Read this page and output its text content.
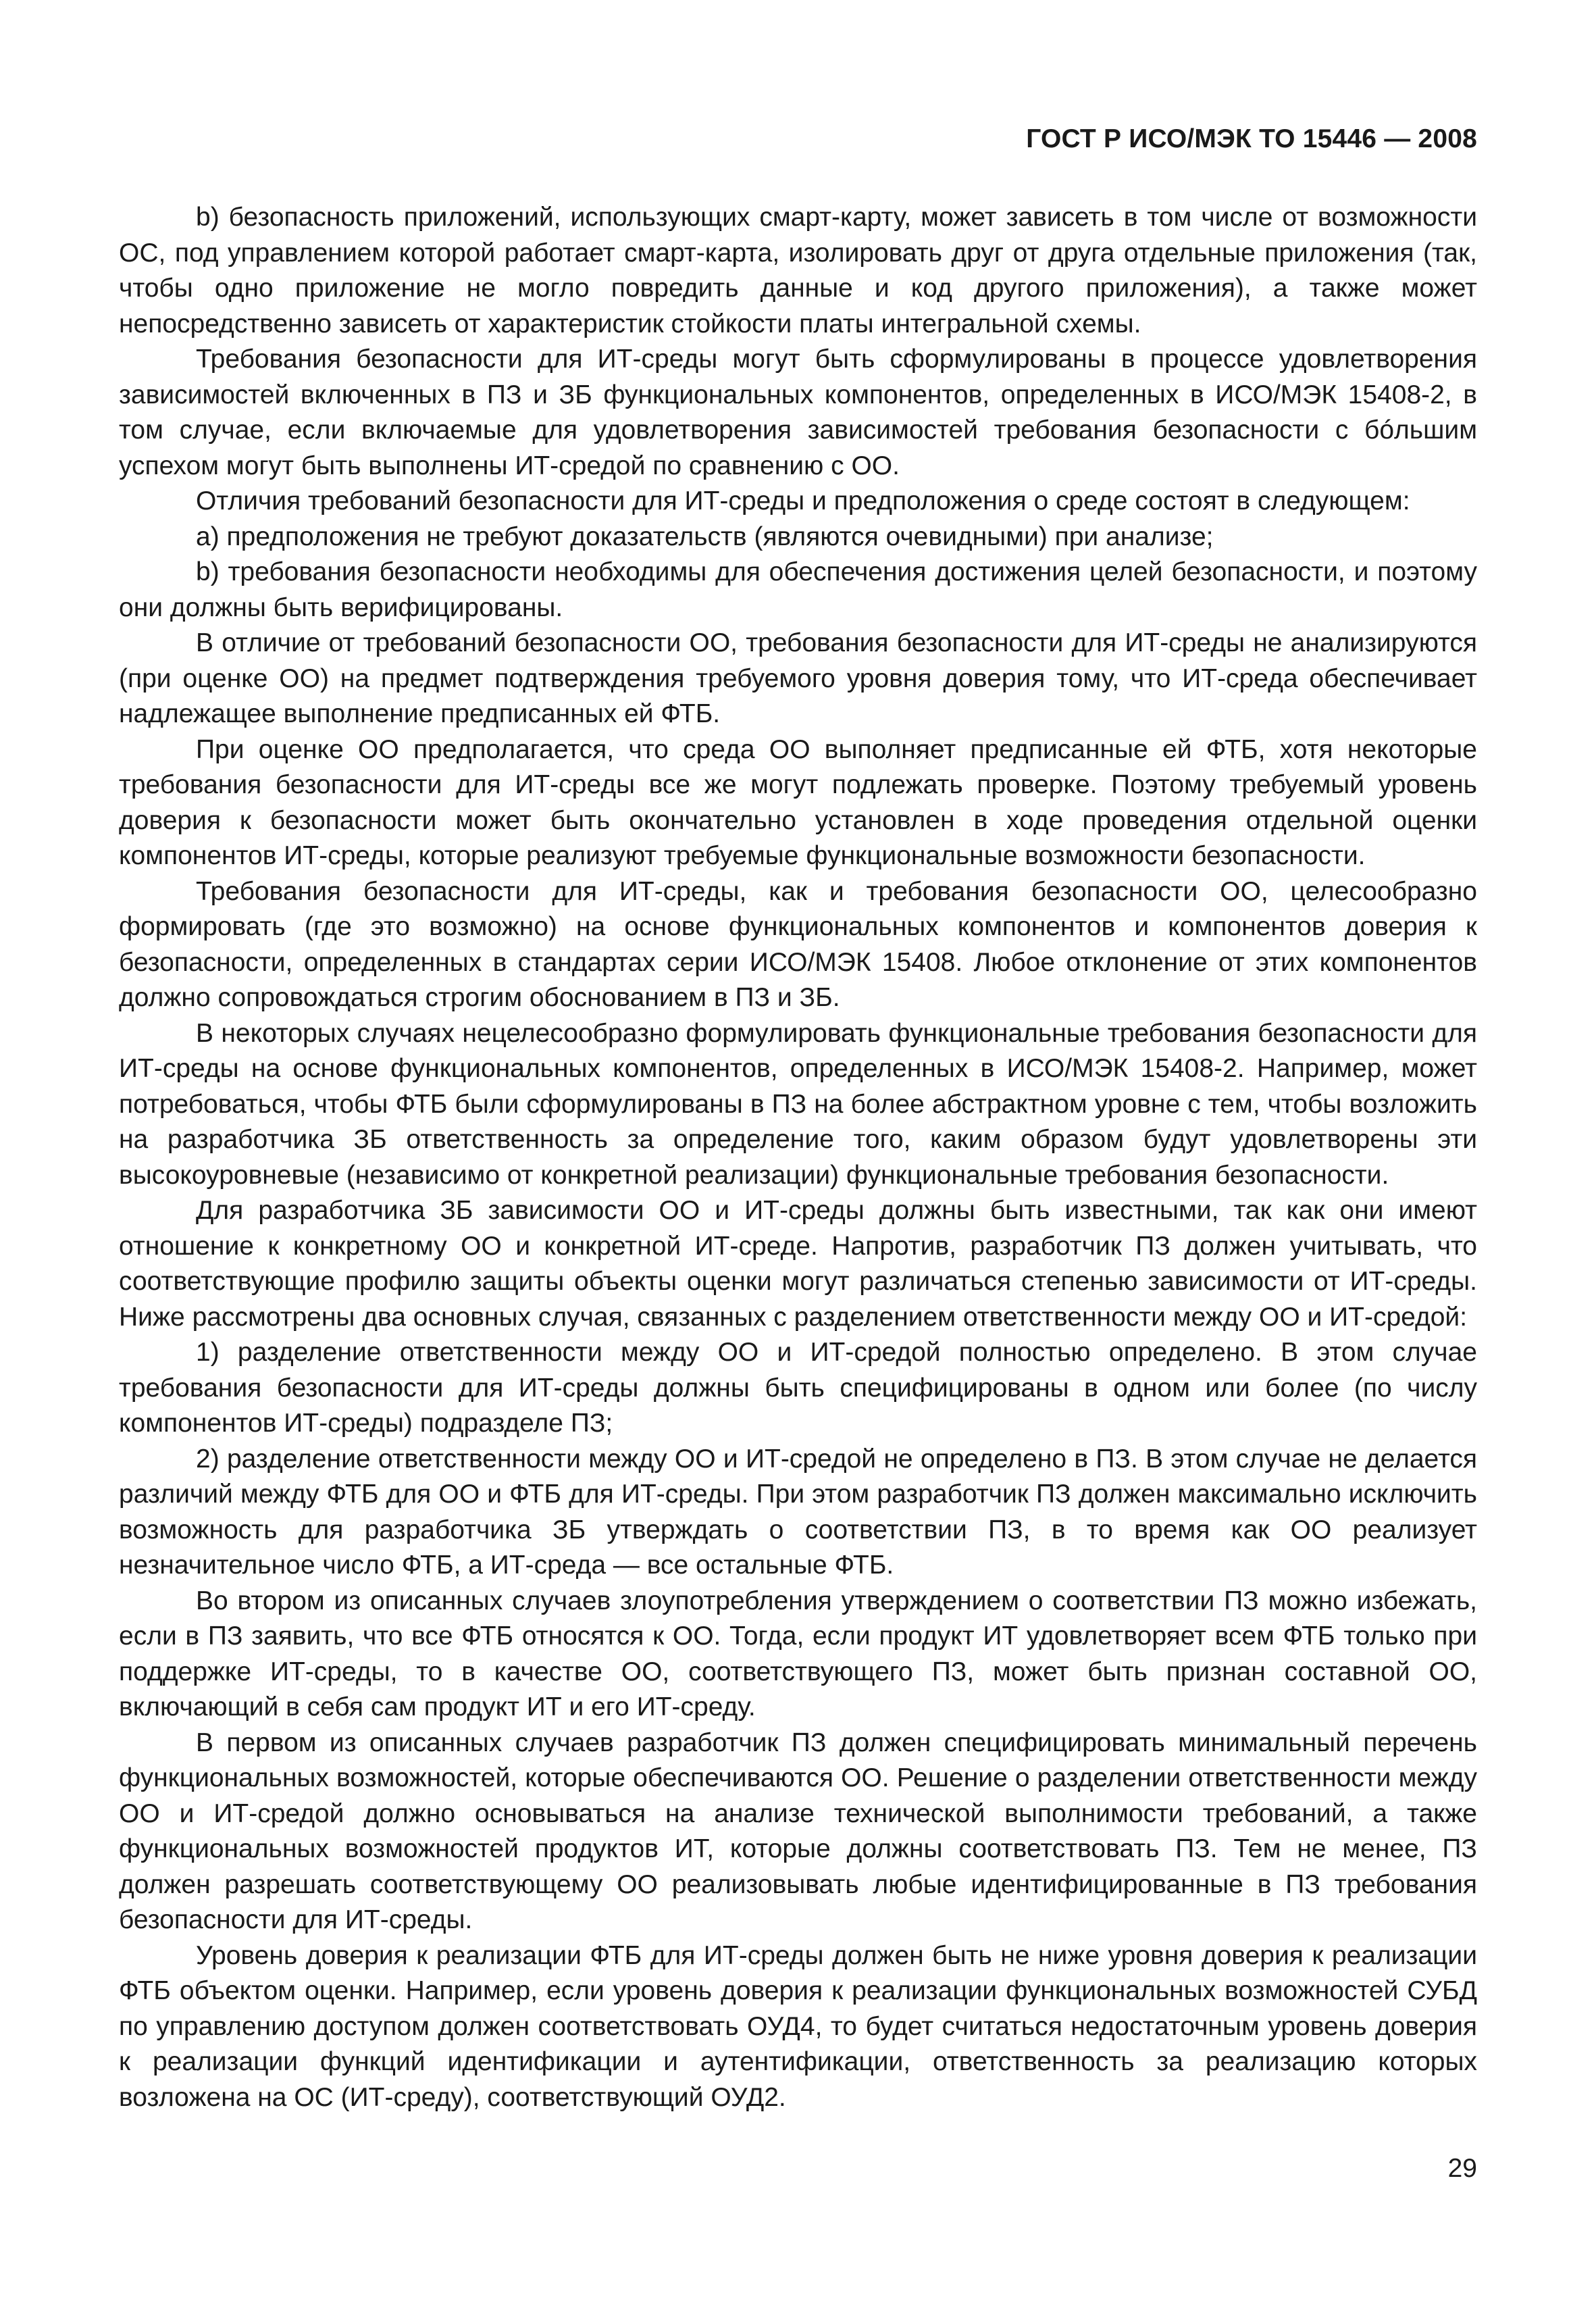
ГОСТ Р ИСО/МЭК ТО 15446 — 2008

b) безопасность приложений, использующих смарт-карту, может зависеть в том числе от возможности ОС, под управлением которой работает смарт-карта, изолировать друг от друга отдельные приложения (так, чтобы одно приложение не могло повредить данные и код другого приложения), а также может непосредственно зависеть от характеристик стойкости платы интегральной схемы.

Требования безопасности для ИТ-среды могут быть сформулированы в процессе удовлетворения зависимостей включенных в ПЗ и ЗБ функциональных компонентов, определенных в ИСО/МЭК 15408-2, в том случае, если включаемые для удовлетворения зависимостей требования безопасности с бóльшим успехом могут быть выполнены ИТ-средой по сравнению с ОО.

Отличия требований безопасности для ИТ-среды и предположения о среде состоят в следующем:

а) предположения не требуют доказательств (являются очевидными) при анализе;

b) требования безопасности необходимы для обеспечения достижения целей безопасности, и поэтому они должны быть верифицированы.

В отличие от требований безопасности ОО, требования безопасности для ИТ-среды не анализируются (при оценке ОО) на предмет подтверждения требуемого уровня доверия тому, что ИТ-среда обеспечивает надлежащее выполнение предписанных ей ФТБ.

При оценке ОО предполагается, что среда ОО выполняет предписанные ей ФТБ, хотя некоторые требования безопасности для ИТ-среды все же могут подлежать проверке. Поэтому требуемый уровень доверия к безопасности может быть окончательно установлен в ходе проведения отдельной оценки компонентов ИТ-среды, которые реализуют требуемые функциональные возможности безопасности.

Требования безопасности для ИТ-среды, как и требования безопасности ОО, целесообразно формировать (где это возможно) на основе функциональных компонентов и компонентов доверия к безопасности, определенных в стандартах серии ИСО/МЭК 15408. Любое отклонение от этих компонентов должно сопровождаться строгим обоснованием в ПЗ и ЗБ.

В некоторых случаях нецелесообразно формулировать функциональные требования безопасности для ИТ-среды на основе функциональных компонентов, определенных в ИСО/МЭК 15408-2. Например, может потребоваться, чтобы ФТБ были сформулированы в ПЗ на более абстрактном уровне с тем, чтобы возложить на разработчика ЗБ ответственность за определение того, каким образом будут удовлетворены эти высокоуровневые (независимо от конкретной реализации) функциональные требования безопасности.

Для разработчика ЗБ зависимости ОО и ИТ-среды должны быть известными, так как они имеют отношение к конкретному ОО и конкретной ИТ-среде. Напротив, разработчик ПЗ должен учитывать, что соответствующие профилю защиты объекты оценки могут различаться степенью зависимости от ИТ-среды. Ниже рассмотрены два основных случая, связанных с разделением ответственности между ОО и ИТ-средой:

1) разделение ответственности между ОО и ИТ-средой полностью определено. В этом случае требования безопасности для ИТ-среды должны быть специфицированы в одном или более (по числу компонентов ИТ-среды) подразделе ПЗ;

2) разделение ответственности между ОО и ИТ-средой не определено в ПЗ. В этом случае не делается различий между ФТБ для ОО и ФТБ для ИТ-среды. При этом разработчик ПЗ должен максимально исключить возможность для разработчика ЗБ утверждать о соответствии ПЗ, в то время как ОО реализует незначительное число ФТБ, а ИТ-среда — все остальные ФТБ.

Во втором из описанных случаев злоупотребления утверждением о соответствии ПЗ можно избежать, если в ПЗ заявить, что все ФТБ относятся к ОО. Тогда, если продукт ИТ удовлетворяет всем ФТБ только при поддержке ИТ-среды, то в качестве ОО, соответствующего ПЗ, может быть признан составной ОО, включающий в себя сам продукт ИТ и его ИТ-среду.

В первом из описанных случаев разработчик ПЗ должен специфицировать минимальный перечень функциональных возможностей, которые обеспечиваются ОО. Решение о разделении ответственности между ОО и ИТ-средой должно основываться на анализе технической выполнимости требований, а также функциональных возможностей продуктов ИТ, которые должны соответствовать ПЗ. Тем не менее, ПЗ должен разрешать соответствующему ОО реализовывать любые идентифицированные в ПЗ требования безопасности для ИТ-среды.

Уровень доверия к реализации ФТБ для ИТ-среды должен быть не ниже уровня доверия к реализации ФТБ объектом оценки. Например, если уровень доверия к реализации функциональных возможностей СУБД по управлению доступом должен соответствовать ОУД4, то будет считаться недостаточным уровень доверия к реализации функций идентификации и аутентификации, ответственность за реализацию которых возложена на ОС (ИТ-среду), соответствующий ОУД2.

29
